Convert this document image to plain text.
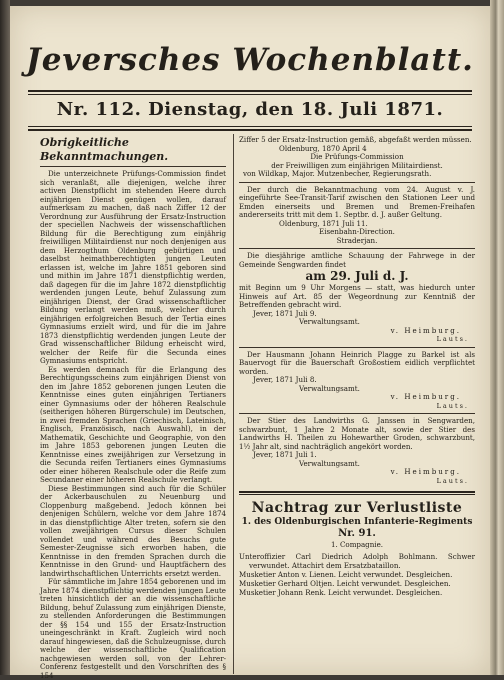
Jeversches Wochenblatt.
Nr. 112. Dienstag, den 18. Juli 1871.
Obrigkeitliche Bekanntmachungen.

Die unterzeichnete Prüfungs-Commission findet sich veranlaßt, alle diejenigen, welche ihrer activen Dienstpflicht im stehenden Heere durch einjährigen Dienst genügen wollen, darauf aufmerksam zu machen, daß nach Ziffer 12 der Verordnung zur Ausführung der Ersatz-Instruction der speciellen Nachweis der wissenschaftlichen Bildung für die Berechtigung zum einjährig freiwilligen Militairdienst nur noch denjenigen aus dem Herzogthum Oldenburg gebürtigen und daselbst heimathberechtigten jungen Leuten erlassen ist, welche im Jahre 1851 geboren sind und mithin im Jahre 1871 dienstpflichtig werden, daß dagegen für die im Jahre 1872 dienstpflichtig werdenden jungen Leute, behuf Zulassung zum einjährigen Dienst, der Grad wissenschaftlicher Bildung verlangt werden muß, welcher durch einjährigen erfolgreichen Besuch der Tertia eines Gymnasiums erzielt wird, und für die im Jahre 1873 dienstpflichtig werdenden jungen Leute der Grad wissenschaftlicher Bildung erheischt wird, welcher der Reife für die Secunda eines Gymnasiums entspricht.

Es werden demnach für die Erlangung des Berechtigungsscheins zum einjährigen Dienst von den im Jahre 1852 geborenen jungen Leuten die Kenntnisse eines guten einjährigen Tertianers einer Gymnasiums oder der höheren Realschule (seitherigen höheren Bürgerschule) im Deutschen, in zwei fremden Sprachen (Griechisch, Lateinisch, Englisch, Französisch, nach Auswahl), in der Mathematik, Geschichte und Geographie, von den im Jahre 1853 geborenen jungen Leuten die Kenntnisse eines zweijährigen zur Versetzung in die Secunda reifen Tertianers eines Gymnasiums oder einer höheren Realschule oder die Reife zum Secundaner einer höheren Realschule verlangt.

Diese Bestimmungen sind auch für die Schüler der Ackerbauschulen zu Neuenburg und Cloppenburg maßgebend. Jedoch können bei denjenigen Schülern, welche vor dem Jahre 1874 in das dienstpflichtige Alter treten, sofern sie den vollen zweijährigen Cursus dieser Schulen vollendet und während des Besuchs gute Semester-Zeugnisse sich erworben haben, die Kenntnisse in den fremden Sprachen durch die Kenntnisse in den Grund- und Hauptfächern des landwirthschaftlichen Unterrichts ersetzt werden.

Für sämmtliche im Jahre 1854 geborenen und im Jahre 1874 dienstpflichtig werdenden jungen Leute treten hinsichtlich der an die wissenschaftliche Bildung, behuf Zulassung zum einjährigen Dienste, zu stellenden Anforderungen die Bestimmungen der §§ 154 und 155 der Ersatz-Instruction uneingeschränkt in Kraft. Zugleich wird noch darauf hingewiesen, daß die Schulzeugnisse, durch welche der wissenschaftliche Qualification nachgewiesen werden soll, von der Lehrer-Conferenz festgestellt und den Vorschriften des § 154

Ziffer 5 der Ersatz-Instruction gemäß, abgefaßt werden müssen.

Oldenburg, 1870 April 4
Die Prüfungs-Commission
der Freiwilligen zum einjährigen Militairdienst.
von Wildkap, Major. Mutzenbecher, Regierungsrath.

Der durch die Bekanntmachung vom 24. August v. J. eingeführte See-Transit-Tarif zwischen den Stationen Leer und Emden einerseits und Bremen und Bremen-Freihafen andererseits tritt mit dem 1. Septbr. d. J. außer Geltung.

Oldenburg, 1871 Juli 11.
Eisenbahn-Direction.
Straderjan.

Die diesjährige amtliche Schauung der Fahrwege in der Gemeinde Sengwarden findet

am 29. Juli d. J.

mit Beginn um 9 Uhr Morgens — statt, was hiedurch unter Hinweis auf Art. 85 der Wegeordnung zur Kenntniß der Betreffenden gebracht wird.

Jever, 1871 Juli 9.
Verwaltungsamt.
v. Heimburg.
Lauts.

Der Hausmann Johann Heinrich Plagge zu Barkel ist als Bauervogt für die Bauerschaft Großostiem eidlich verpflichtet worden.

Jever, 1871 Juli 8.
Verwaltungsamt.
v. Heimburg.
Lauts.

Der Stier des Landwirths G. Janssen in Sengwarden, schwarzbunt, 1 Jahre 2 Monate alt, sowie der Stier des Landwirths H. Theilen zu Hohewarther Groden, schwarzbunt, 1½ Jahr alt, sind nachträglich angekört worden.

Jever, 1871 Juli 1.
Verwaltungsamt.
v. Heimburg.
Lauts.
Nachtrag zur Verlustliste
1. des Oldenburgischen Infanterie-Regiments
Nr. 91.
1. Compagnie.

Unteroffizier Carl Diedrich Adolph Bohlmann. Schwer verwundet. Attachirt dem Ersatzbataillon.

Musketier Anton v. Lienen. Leicht verwundet. Desgleichen.

Musketier Gerhard Oltjen. Leicht verwundet. Desgleichen.

Musketier Johann Renk. Leicht verwundet. Desgleichen.
